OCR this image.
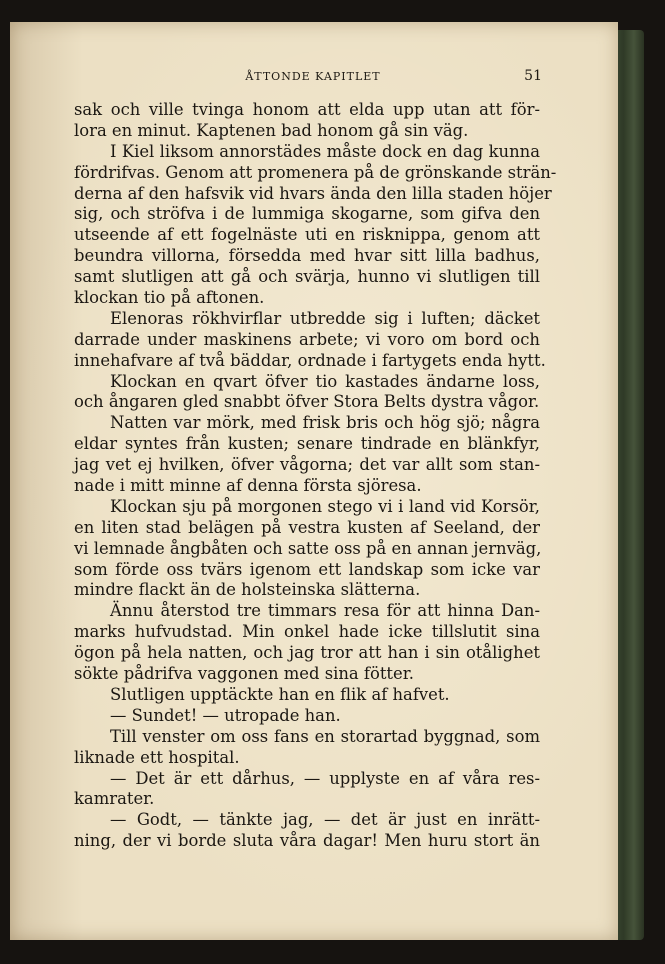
ÅTTONDE KAPITLET	51
sak och ville tvinga honom att elda upp utan att för-
lora en minut. Kaptenen bad honom gå sin väg.
I Kiel liksom annorstädes måste dock en dag kunna
fördrifvas. Genom att promenera på de grönskande strän-
derna af den hafsvik vid hvars ända den lilla staden höjer
sig, och ströfva i de lummiga skogarne, som gifva den
utseende af ett fogelnäste uti en risknippa, genom att
beundra villorna, försedda med hvar sitt lilla badhus,
samt slutligen att gå och svärja, hunno vi slutligen till
klockan tio på aftonen.
Elenoras rökhvirflar utbredde sig i luften; däcket
darrade under maskinens arbete; vi voro om bord och
innehafvare af två bäddar, ordnade i fartygets enda hytt.
Klockan en qvart öfver tio kastades ändarne loss,
och ångaren gled snabbt öfver Stora Belts dystra vågor.
Natten var mörk, med frisk bris och hög sjö; några
eldar syntes från kusten; senare tindrade en blänkfyr,
jag vet ej hvilken, öfver vågorna; det var allt som stan-
nade i mitt minne af denna första sjöresa.
Klockan sju på morgonen stego vi i land vid Korsör,
en liten stad belägen på vestra kusten af Seeland, der
vi lemnade ångbåten och satte oss på en annan jernväg,
som förde oss tvärs igenom ett landskap som icke var
mindre flackt än de holsteinska slätterna.
Ännu återstod tre timmars resa för att hinna Dan-
marks hufvudstad. Min onkel hade icke tillslutit sina
ögon på hela natten, och jag tror att han i sin otålighet
sökte pådrifva vaggonen med sina fötter.
Slutligen upptäckte han en flik af hafvet.
— Sundet! — utropade han.
Till venster om oss fans en storartad byggnad, som
liknade ett hospital.
— Det är ett dårhus, — upplyste en af våra res-
kamrater.
— Godt, — tänkte jag, — det är just en inrätt-
ning, der vi borde sluta våra dagar! Men huru stort än
